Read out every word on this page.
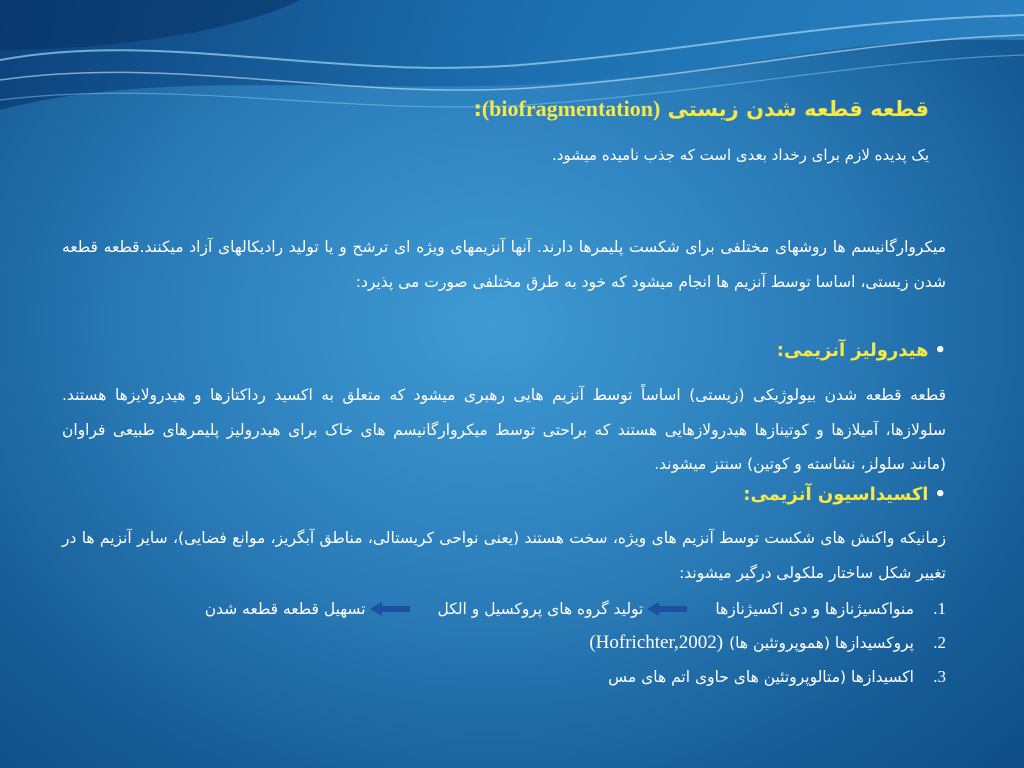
قطعه قطعه شدن زیستی (biofragmentation):
یک پدیده لازم برای رخداد بعدی است که جذب نامیده میشود.
میکروارگانیسم ها روشهای مختلفی برای شکست پلیمرها دارند. آنها آنزیمهای ویژه ای ترشح و یا تولید رادیکالهای آزاد میکنند.قطعه قطعه شدن زیستی، اساسا توسط آنزیم ها انجام میشود که خود به طرق مختلفی صورت می پذیرد:
•هیدرولیز آنزیمی:
قطعه قطعه شدن بیولوژیکی (زیستی) اساساً توسط آنزیم هایی رهبری میشود که متعلق به اکسید رداکتازها و هیدرولایزها هستند. سلولازها، آمیلازها و کوتینازها هیدرولازهایی هستند که براحتی توسط میکروارگانیسم های خاک برای هیدرولیز پلیمرهای طبیعی فراوان (مانند سلولز، نشاسته و کوتین) سنتز میشوند.
•اکسیداسیون آنزیمی:
زمانیکه واکنش های شکست توسط آنزیم های ویژه، سخت هستند (یعنی نواحی کریستالی، مناطق آبگریز، موانع فضایی)، سایر آنزیم ها در تغییر شکل ساختار ملکولی درگیر میشوند:
1.
منواکسیژنازها و دی اکسیژنازها
تولید گروه های پروکسیل و الکل
تسهیل قطعه قطعه شدن
2.
پروکسیدازها (هموپروتئین ها)
(Hofrichter,2002)
3.
اکسیدازها (متالوپروتئین های حاوی اتم های مس
